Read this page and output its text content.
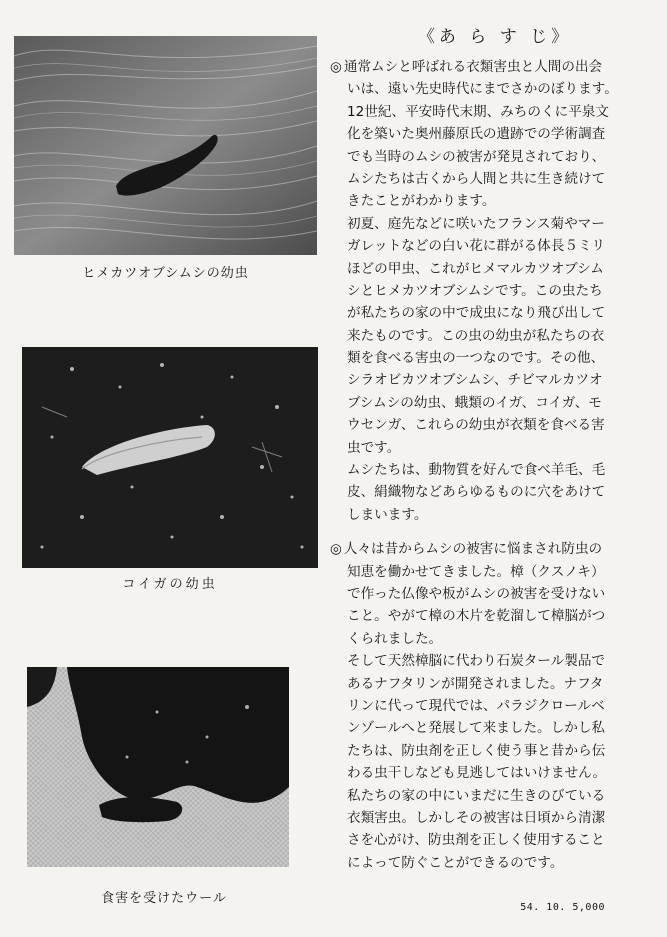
ヒメカツオブシムシの幼虫
コイガの幼虫
食害を受けたウール
《あ ら す じ》
◎ 通常ムシと呼ばれる衣類害虫と人間の出会
いは、遠い先史時代にまでさかのぼります。
12世紀、平安時代末期、みちのくに平泉文
化を築いた奥州藤原氏の遺跡での学術調査
でも当時のムシの被害が発見されており、
ムシたちは古くから人間と共に生き続けて
きたことがわかります。
初夏、庭先などに咲いたフランス菊やマー
ガレットなどの白い花に群がる体長５ミリ
ほどの甲虫、これがヒメマルカツオブシム
シとヒメカツオブシムシです。この虫たち
が私たちの家の中で成虫になり飛び出して
来たものです。この虫の幼虫が私たちの衣
類を食べる害虫の一つなのです。その他、
シラオビカツオブシムシ、チビマルカツオ
ブシムシの幼虫、蛾類のイガ、コイガ、モ
ウセンガ、これらの幼虫が衣類を食べる害
虫です。
ムシたちは、動物質を好んで食べ羊毛、毛
皮、絹織物などあらゆるものに穴をあけて
しまいます。
◎ 人々は昔からムシの被害に悩まされ防虫の
知恵を働かせてきました。樟（クスノキ）
で作った仏像や板がムシの被害を受けない
こと。やがて樟の木片を乾溜して樟脳がつ
くられました。
そして天然樟脳に代わり石炭タール製品で
あるナフタリンが開発されました。ナフタ
リンに代って現代では、パラジクロールベ
ンゾールへと発展して来ました。しかし私
たちは、防虫剤を正しく使う事と昔から伝
わる虫干しなども見逃してはいけません。
私たちの家の中にいまだに生きのびている
衣類害虫。しかしその被害は日頃から清潔
さを心がけ、防虫剤を正しく使用すること
によって防ぐことができるのです。
54. 10. 5,000
